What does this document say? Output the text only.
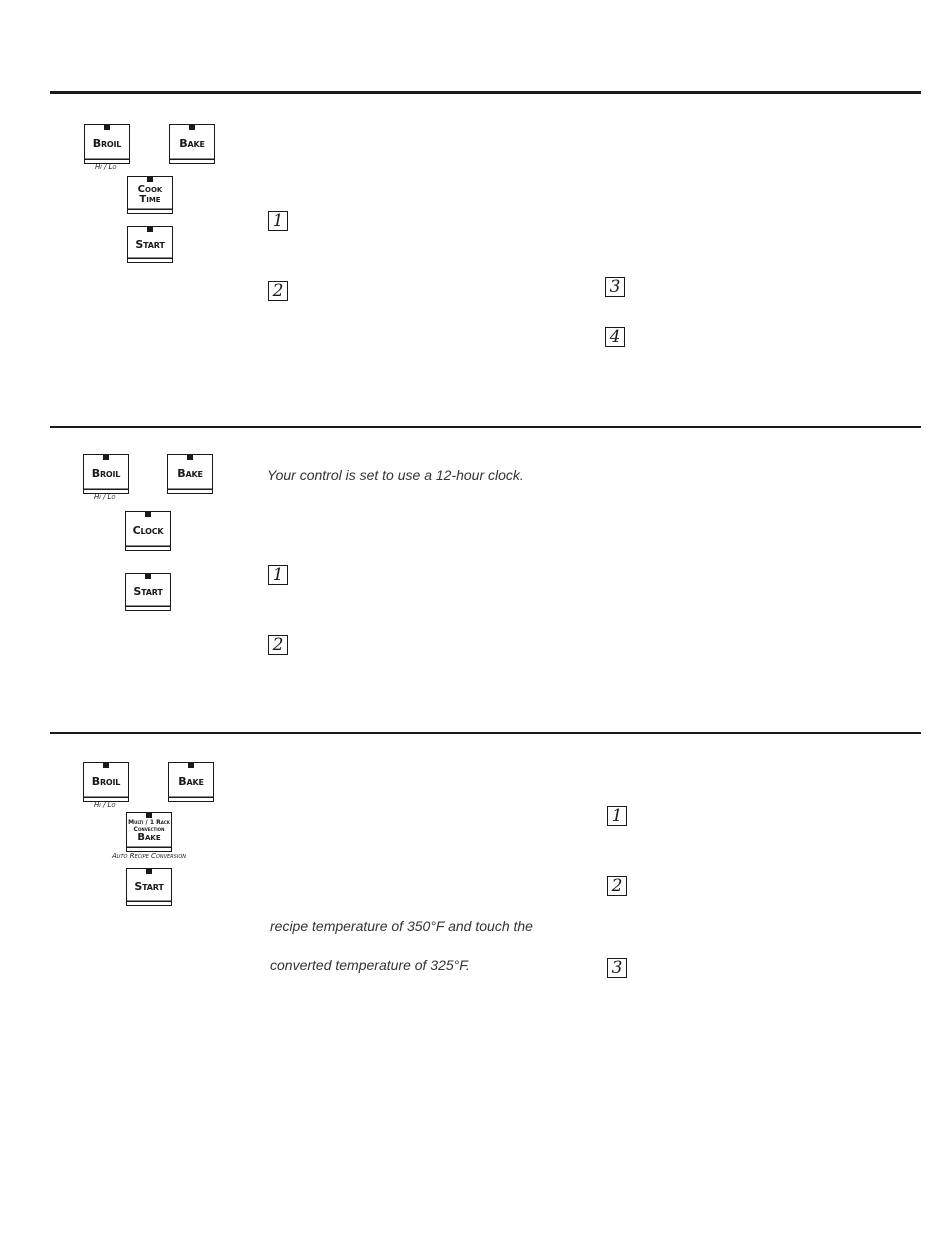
Broil
Hi / Lo
Bake
Cook
Time
Start
1
2	3
4
Broil
Hi / Lo
Bake
Clock
Start
Your control is set to use a 12-hour clock.
1
2
Broil
Hi / Lo
Bake
Multi / 1 Rack
Convection
Bake
Auto Recipe Conversion
Start
recipe temperature of 350°F and touch the
converted temperature of 325°F.
1
2
3
